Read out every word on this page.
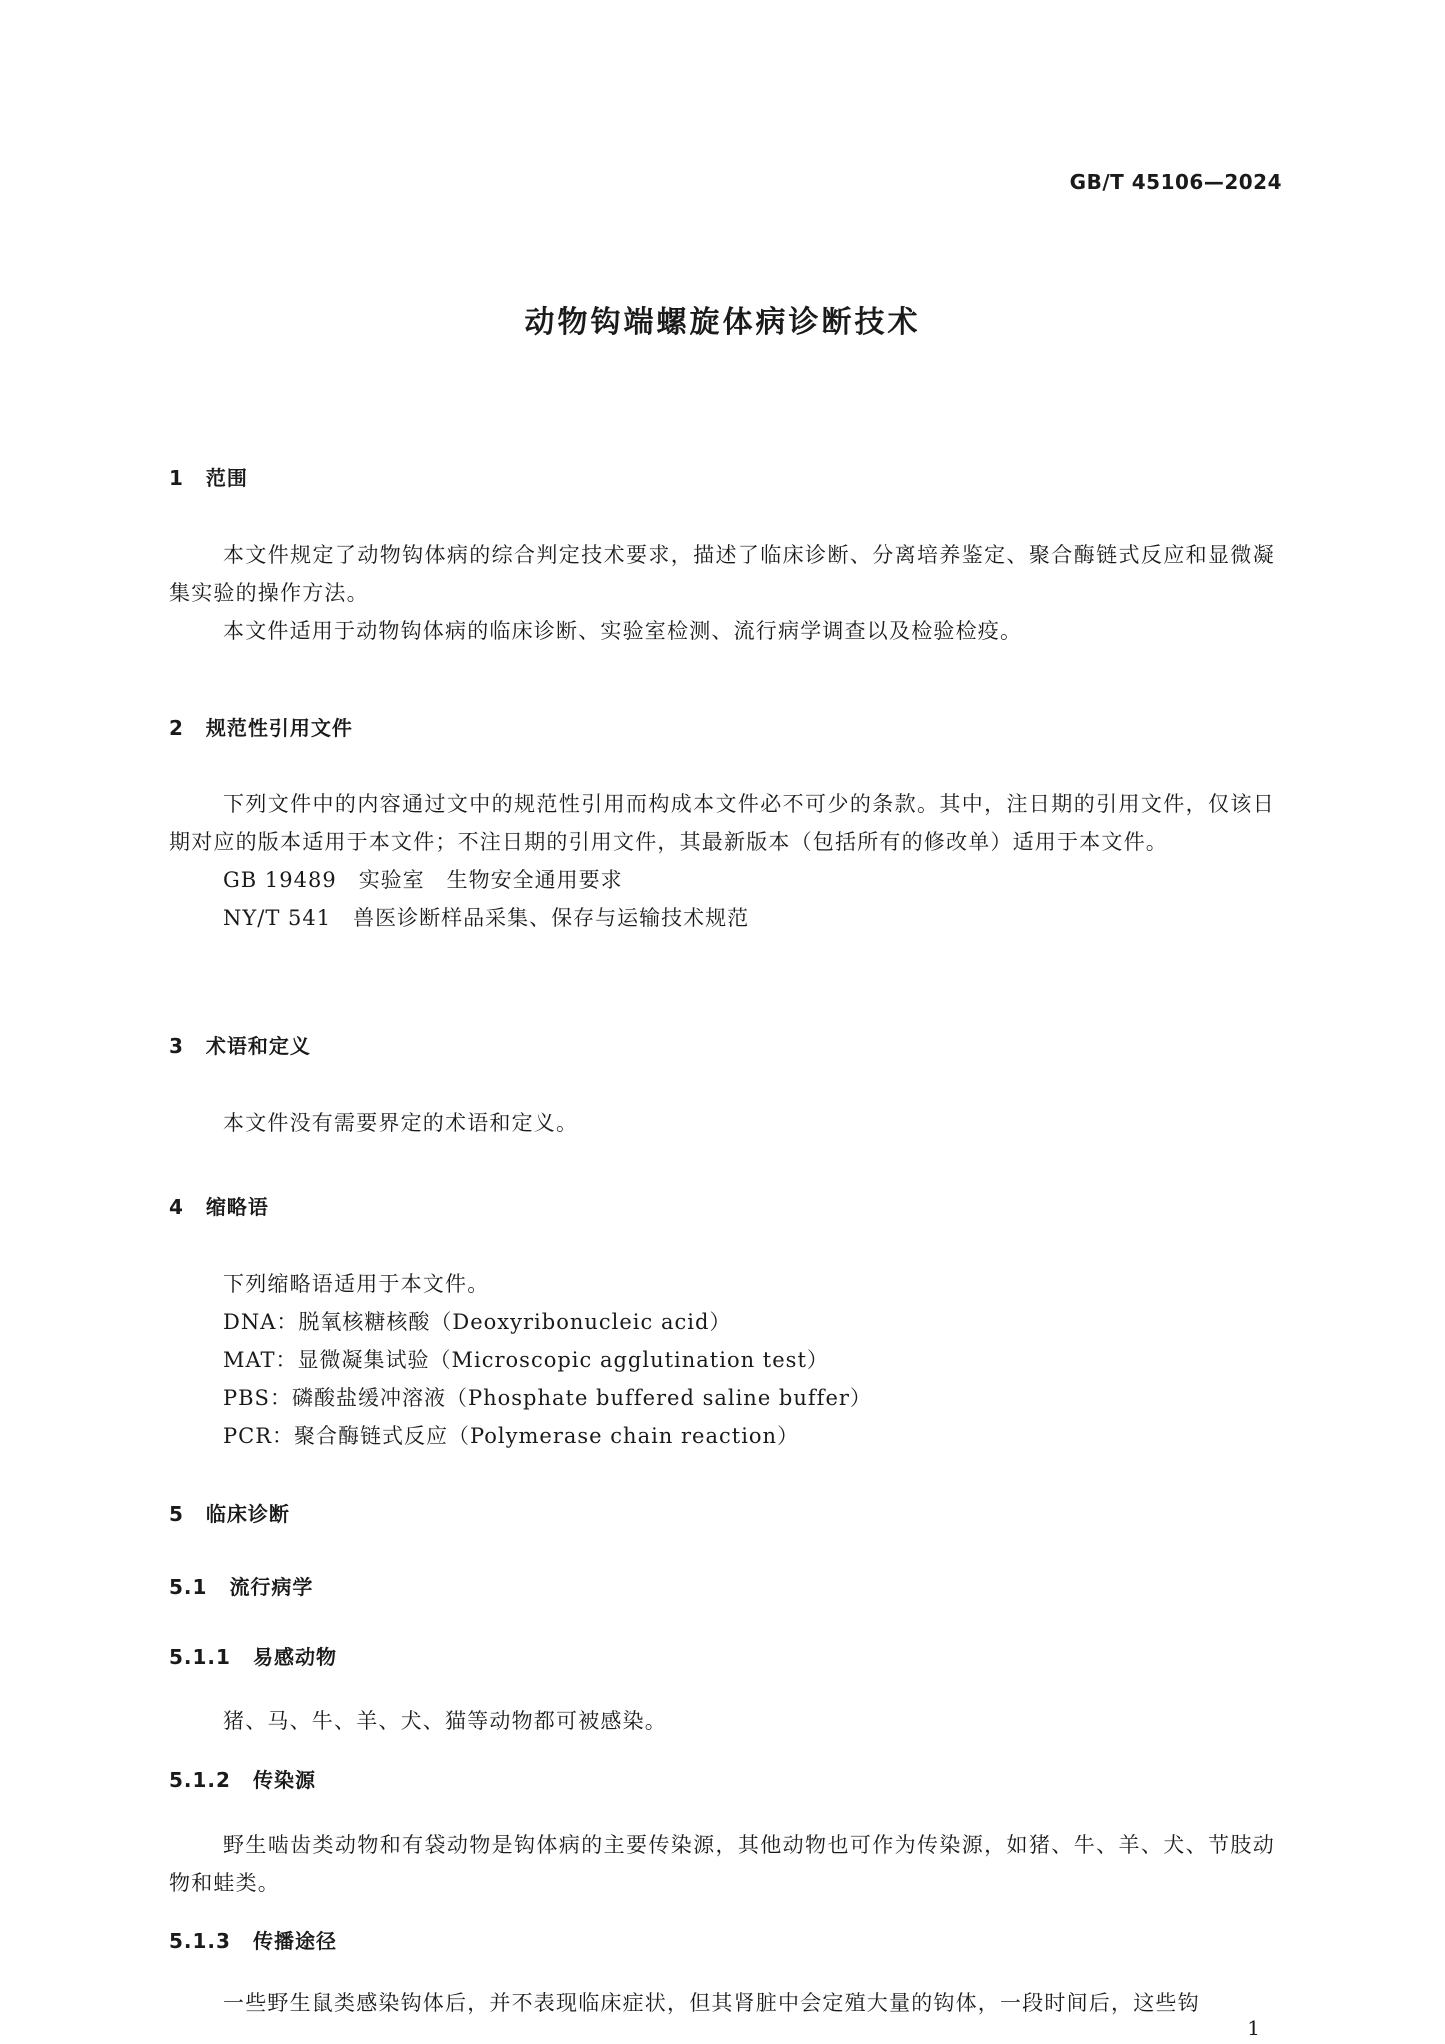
GB/T 45106—2024
动物钩端螺旋体病诊断技术
1 范围
本文件规定了动物钩体病的综合判定技术要求，描述了临床诊断、分离培养鉴定、聚合酶链式反应和显微凝集实验的操作方法。
本文件适用于动物钩体病的临床诊断、实验室检测、流行病学调查以及检验检疫。
2 规范性引用文件
下列文件中的内容通过文中的规范性引用而构成本文件必不可少的条款。其中，注日期的引用文件，仅该日期对应的版本适用于本文件；不注日期的引用文件，其最新版本（包括所有的修改单）适用于本文件。
GB 19489 实验室　生物安全通用要求
NY/T 541 兽医诊断样品采集、保存与运输技术规范
3 术语和定义
本文件没有需要界定的术语和定义。
4 缩略语
下列缩略语适用于本文件。
DNA：脱氧核糖核酸（Deoxyribonucleic acid）
MAT：显微凝集试验（Microscopic agglutination test）
PBS：磷酸盐缓冲溶液（Phosphate buffered saline buffer）
PCR：聚合酶链式反应（Polymerase chain reaction）
5 临床诊断
5.1 流行病学
5.1.1 易感动物
猪、马、牛、羊、犬、猫等动物都可被感染。
5.1.2 传染源
野生啮齿类动物和有袋动物是钩体病的主要传染源，其他动物也可作为传染源，如猪、牛、羊、犬、节肢动物和蛙类。
5.1.3 传播途径
一些野生鼠类感染钩体后，并不表现临床症状，但其肾脏中会定殖大量的钩体，一段时间后，这些钩
1
